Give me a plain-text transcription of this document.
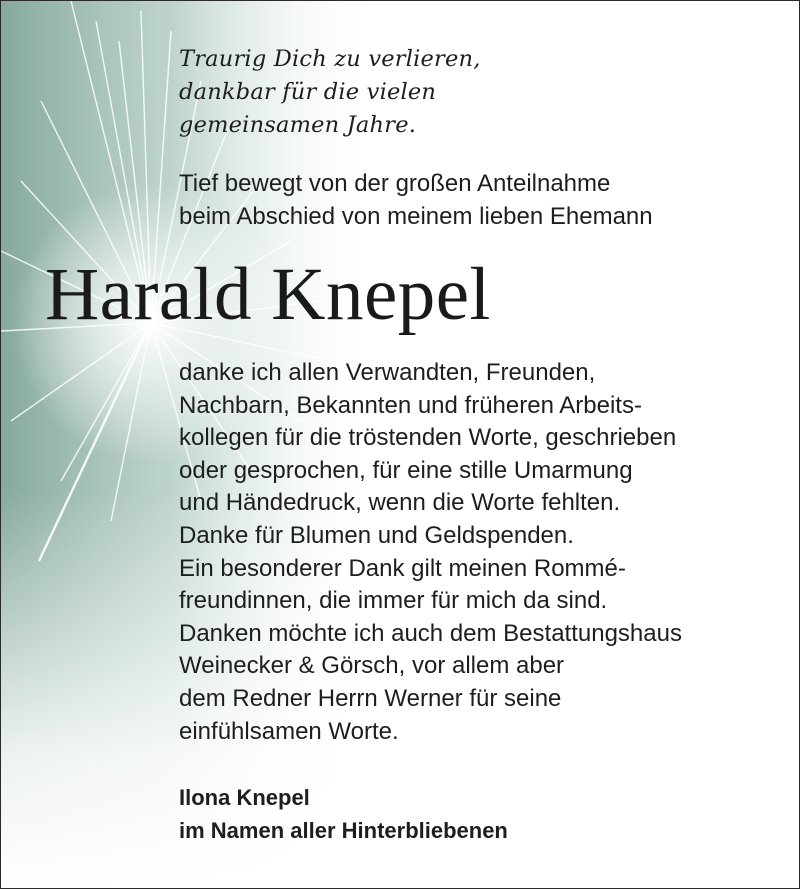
Traurig Dich zu verlieren,
dankbar für die vielen
gemeinsamen Jahre.
Tief bewegt von der großen Anteilnahme
beim Abschied von meinem lieben Ehemann
Harald Knepel
danke ich allen Verwandten, Freunden,
Nachbarn, Bekannten und früheren Arbeits-
kollegen für die tröstenden Worte, geschrieben
oder gesprochen, für eine stille Umarmung
und Händedruck, wenn die Worte fehlten.
Danke für Blumen und Geldspenden.
Ein besonderer Dank gilt meinen Rommé-
freundinnen, die immer für mich da sind.
Danken möchte ich auch dem Bestattungshaus
Weinecker & Görsch, vor allem aber
dem Redner Herrn Werner für seine
einfühlsamen Worte.
Ilona Knepel
im Namen aller Hinterbliebenen
